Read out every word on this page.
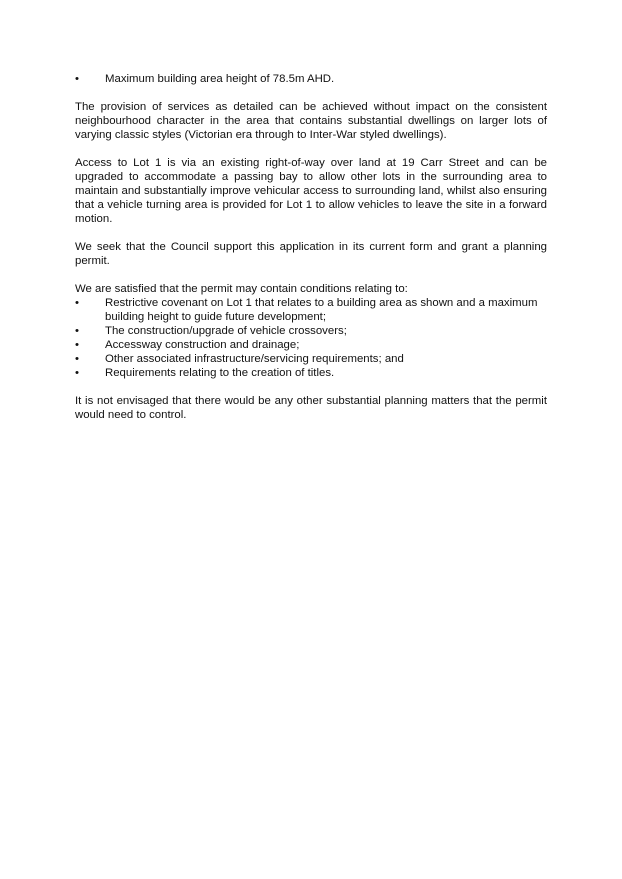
•	Maximum building area height of 78.5m AHD.

The provision of services as detailed can be achieved without impact on the consistent neighbourhood character in the area that contains substantial dwellings on larger lots of varying classic styles (Victorian era through to Inter-War styled dwellings).

Access to Lot 1 is via an existing right-of-way over land at 19 Carr Street and can be upgraded to accommodate a passing bay to allow other lots in the surrounding area to maintain and substantially improve vehicular access to surrounding land, whilst also ensuring that a vehicle turning area is provided for Lot 1 to allow vehicles to leave the site in a forward motion.

We seek that the Council support this application in its current form and grant a planning permit.

We are satisfied that the permit may contain conditions relating to:

•	Restrictive covenant on Lot 1 that relates to a building area as shown and a maximum building height to guide future development;
•	The construction/upgrade of vehicle crossovers;
•	Accessway construction and drainage;
•	Other associated infrastructure/servicing requirements; and
•	Requirements relating to the creation of titles.

It is not envisaged that there would be any other substantial planning matters that the permit would need to control.
